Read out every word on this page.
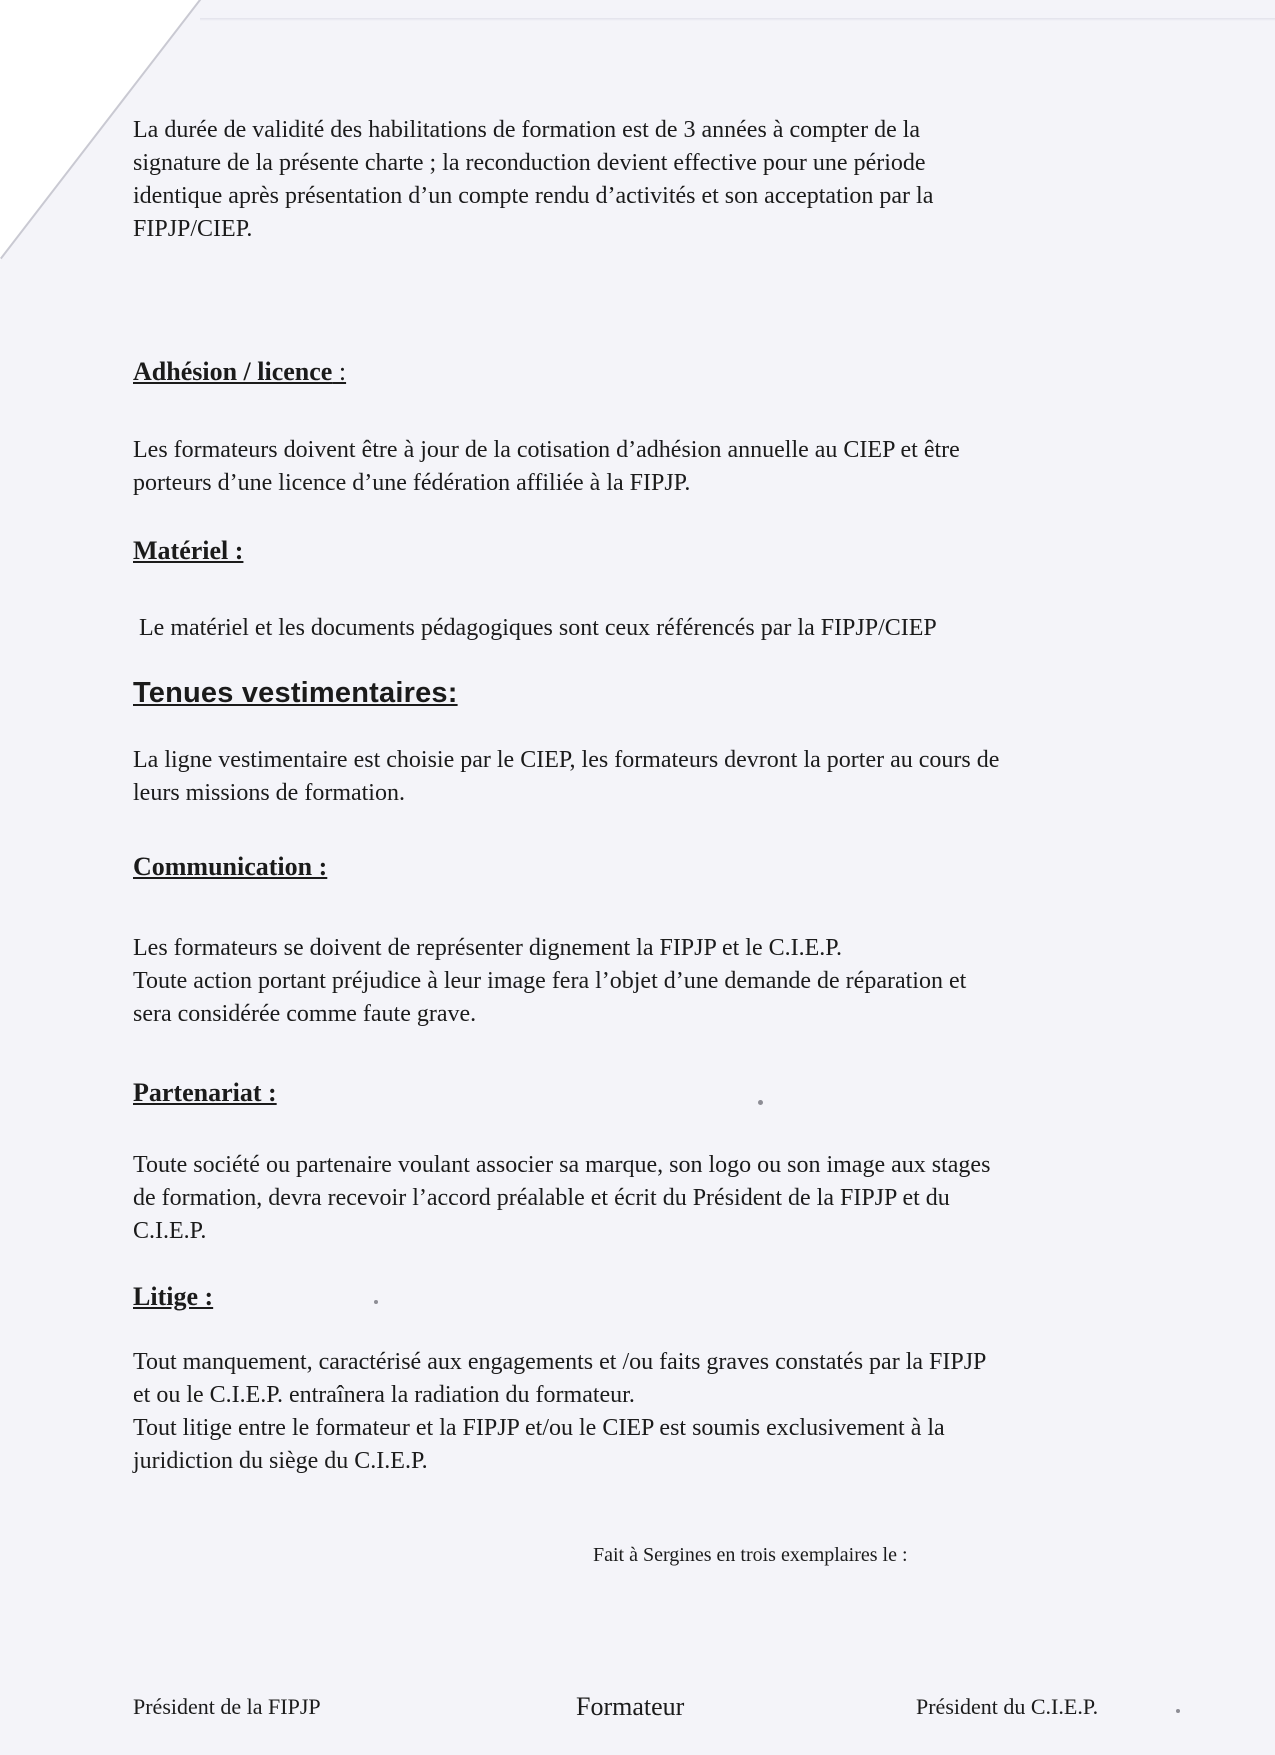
La durée de validité des habilitations de formation est de 3 années à compter de la
signature de la présente charte ; la reconduction devient effective pour une période
identique après présentation d’un compte rendu d’activités et son acceptation par la
FIPJP/CIEP.

Adhésion / licence :

Les formateurs doivent être à jour de la cotisation d’adhésion annuelle au CIEP et être
porteurs d’une licence d’une fédération affiliée à la FIPJP.

Matériel :

Le matériel et les documents pédagogiques sont ceux référencés par la FIPJP/CIEP

Tenues vestimentaires:

La ligne vestimentaire est choisie par le CIEP, les formateurs devront la porter au cours de
leurs missions de formation.

Communication :

Les formateurs se doivent de représenter dignement la FIPJP et le C.I.E.P.
Toute action portant préjudice à leur image fera l’objet d’une demande de réparation et
sera considérée comme faute grave.

Partenariat :

Toute société ou partenaire voulant associer sa marque, son logo ou son image aux stages
de formation, devra recevoir l’accord préalable et écrit du Président de la FIPJP et du
C.I.E.P.

Litige :

Tout manquement, caractérisé aux engagements et /ou faits graves constatés par la FIPJP
et ou le C.I.E.P. entraînera la radiation du formateur.
Tout litige entre le formateur et la FIPJP et/ou le CIEP est soumis exclusivement à la
juridiction du siège du C.I.E.P.

Fait à Sergines en trois exemplaires le :

Président de la FIPJP	Formateur	Président du C.I.E.P.
